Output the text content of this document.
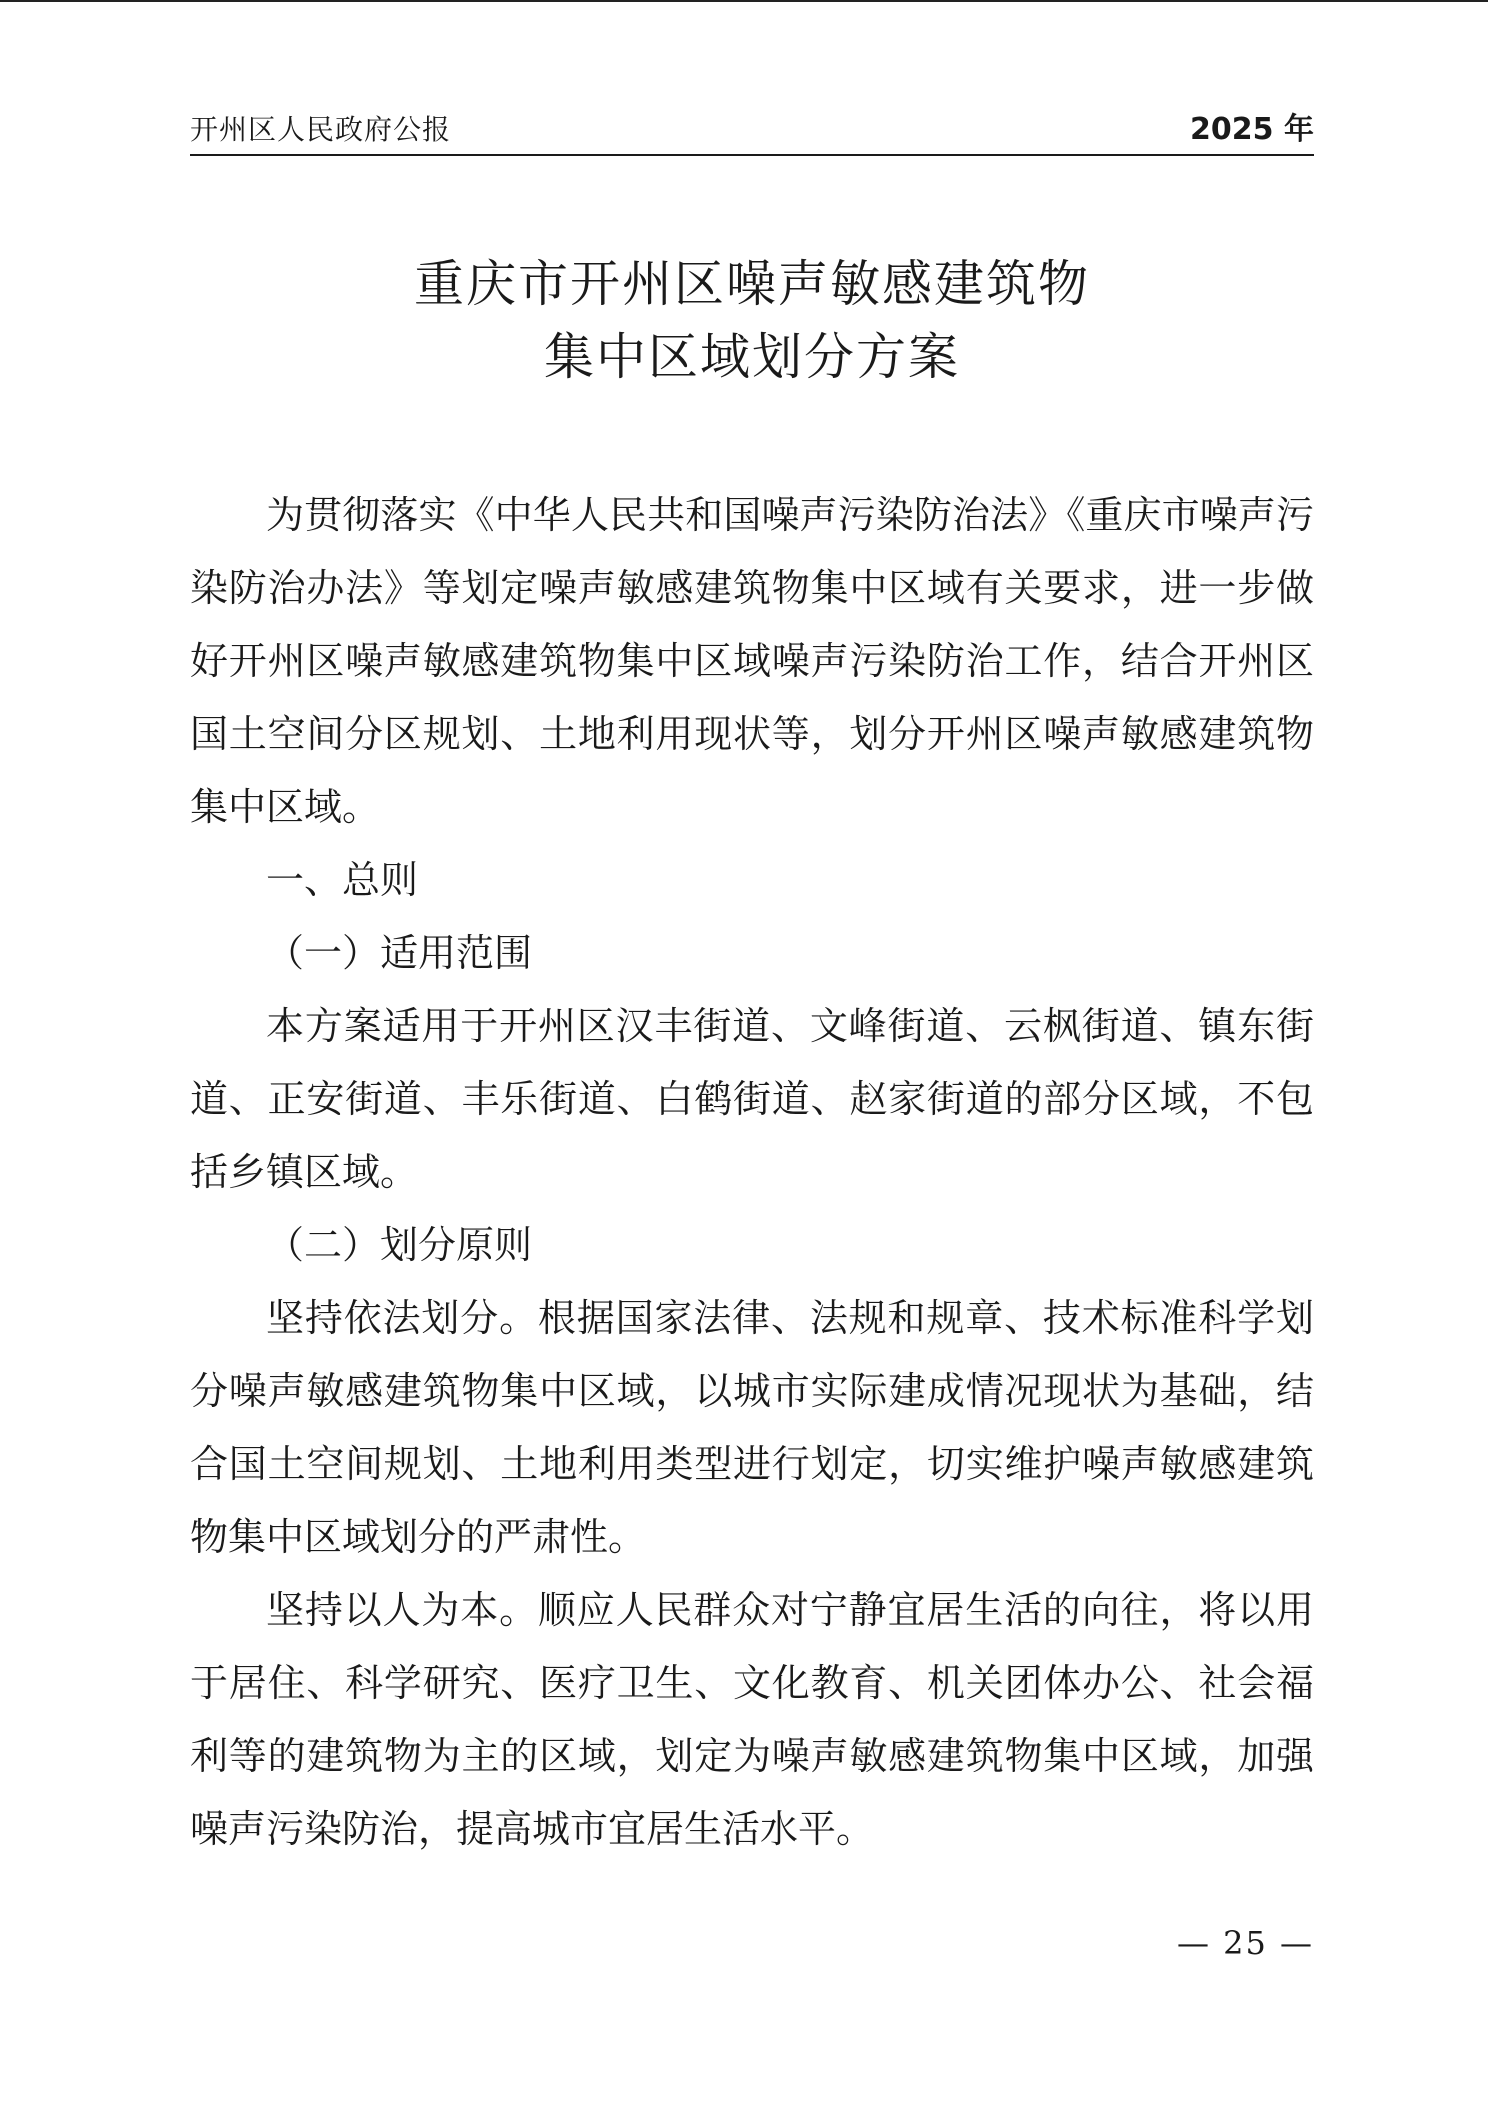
开州区人民政府公报	2025 年
重庆市开州区噪声敏感建筑物
集中区域划分方案

为贯彻落实《中华人民共和国噪声污染防治法》《重庆市噪声污染防治办法》等划定噪声敏感建筑物集中区域有关要求，进一步做好开州区噪声敏感建筑物集中区域噪声污染防治工作，结合开州区国土空间分区规划、土地利用现状等，划分开州区噪声敏感建筑物集中区域。

一、总则

（一）适用范围

本方案适用于开州区汉丰街道、文峰街道、云枫街道、镇东街道、正安街道、丰乐街道、白鹤街道、赵家街道的部分区域，不包括乡镇区域。

（二）划分原则

坚持依法划分。根据国家法律、法规和规章、技术标准科学划分噪声敏感建筑物集中区域，以城市实际建成情况现状为基础，结合国土空间规划、土地利用类型进行划定，切实维护噪声敏感建筑物集中区域划分的严肃性。

坚持以人为本。顺应人民群众对宁静宜居生活的向往，将以用于居住、科学研究、医疗卫生、文化教育、机关团体办公、社会福利等的建筑物为主的区域，划定为噪声敏感建筑物集中区域，加强噪声污染防治，提高城市宜居生活水平。

— 25 —
